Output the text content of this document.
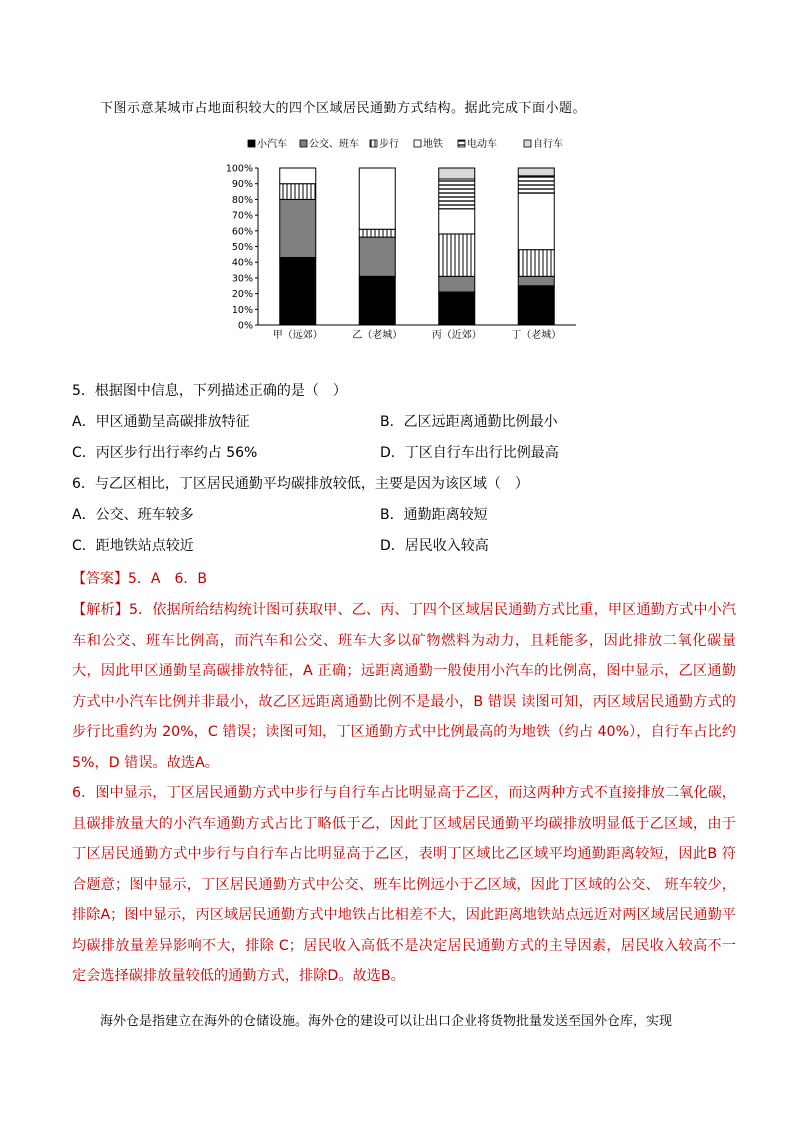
下图示意某城市占地面积较大的四个区域居民通勤方式结构。据此完成下面小题。
小汽车 公交、班车 步行 地铁 电动车	自行车
0%
10%
20%
30%
40%
50%
60%
70%
80%
90%
100%
甲（远郊）	乙（老城）	丙（近郊）	丁（老城）
5．根据图中信息，下列描述正确的是（　）
A．甲区通勤呈高碳排放特征	B．乙区远距离通勤比例最小
C．丙区步行出行率约占 56%	D．丁区自行车出行比例最高
6．与乙区相比，丁区居民通勤平均碳排放较低，主要是因为该区域（　）
A．公交、班车较多	B．通勤距离较短
C．距地铁站点较近	D．居民收入较高
【答案】5．A　6．B

【解析】5．依据所给结构统计图可获取甲、乙、丙、丁四个区域居民通勤方式比重，甲区通勤方式中小汽车和公交、班车比例高，而汽车和公交、班车大多以矿物燃料为动力，且耗能多，因此排放二氧化碳量大，因此甲区通勤呈高碳排放特征，A 正确；远距离通勤一般使用小汽车的比例高，图中显示，乙区通勤方式中小汽车比例并非最小，故乙区远距离通勤比例不是最小，B 错误 读图可知，丙区域居民通勤方式的步行比重约为 20%，C 错误；读图可知，丁区通勤方式中比例最高的为地铁（约占 40%），自行车占比约 5%，D 错误。故选A。

6．图中显示，丁区居民通勤方式中步行与自行车占比明显高于乙区，而这两种方式不直接排放二氧化碳，且碳排放量大的小汽车通勤方式占比丁略低于乙，因此丁区域居民通勤平均碳排放明显低于乙区域，由于丁区居民通勤方式中步行与自行车占比明显高于乙区，表明丁区域比乙区域平均通勤距离较短，因此B 符合题意；图中显示，丁区居民通勤方式中公交、班车比例远小于乙区域，因此丁区域的公交、 班车较少，排除A；图中显示，丙区域居民通勤方式中地铁占比相差不大，因此距离地铁站点远近对两区域居民通勤平均碳排放量差异影响不大，排除 C；居民收入高低不是决定居民通勤方式的主导因素，居民收入较高不一定会选择碳排放量较低的通勤方式，排除D。故选B。

海外仓是指建立在海外的仓储设施。海外仓的建设可以让出口企业将货物批量发送至国外仓库，实现
